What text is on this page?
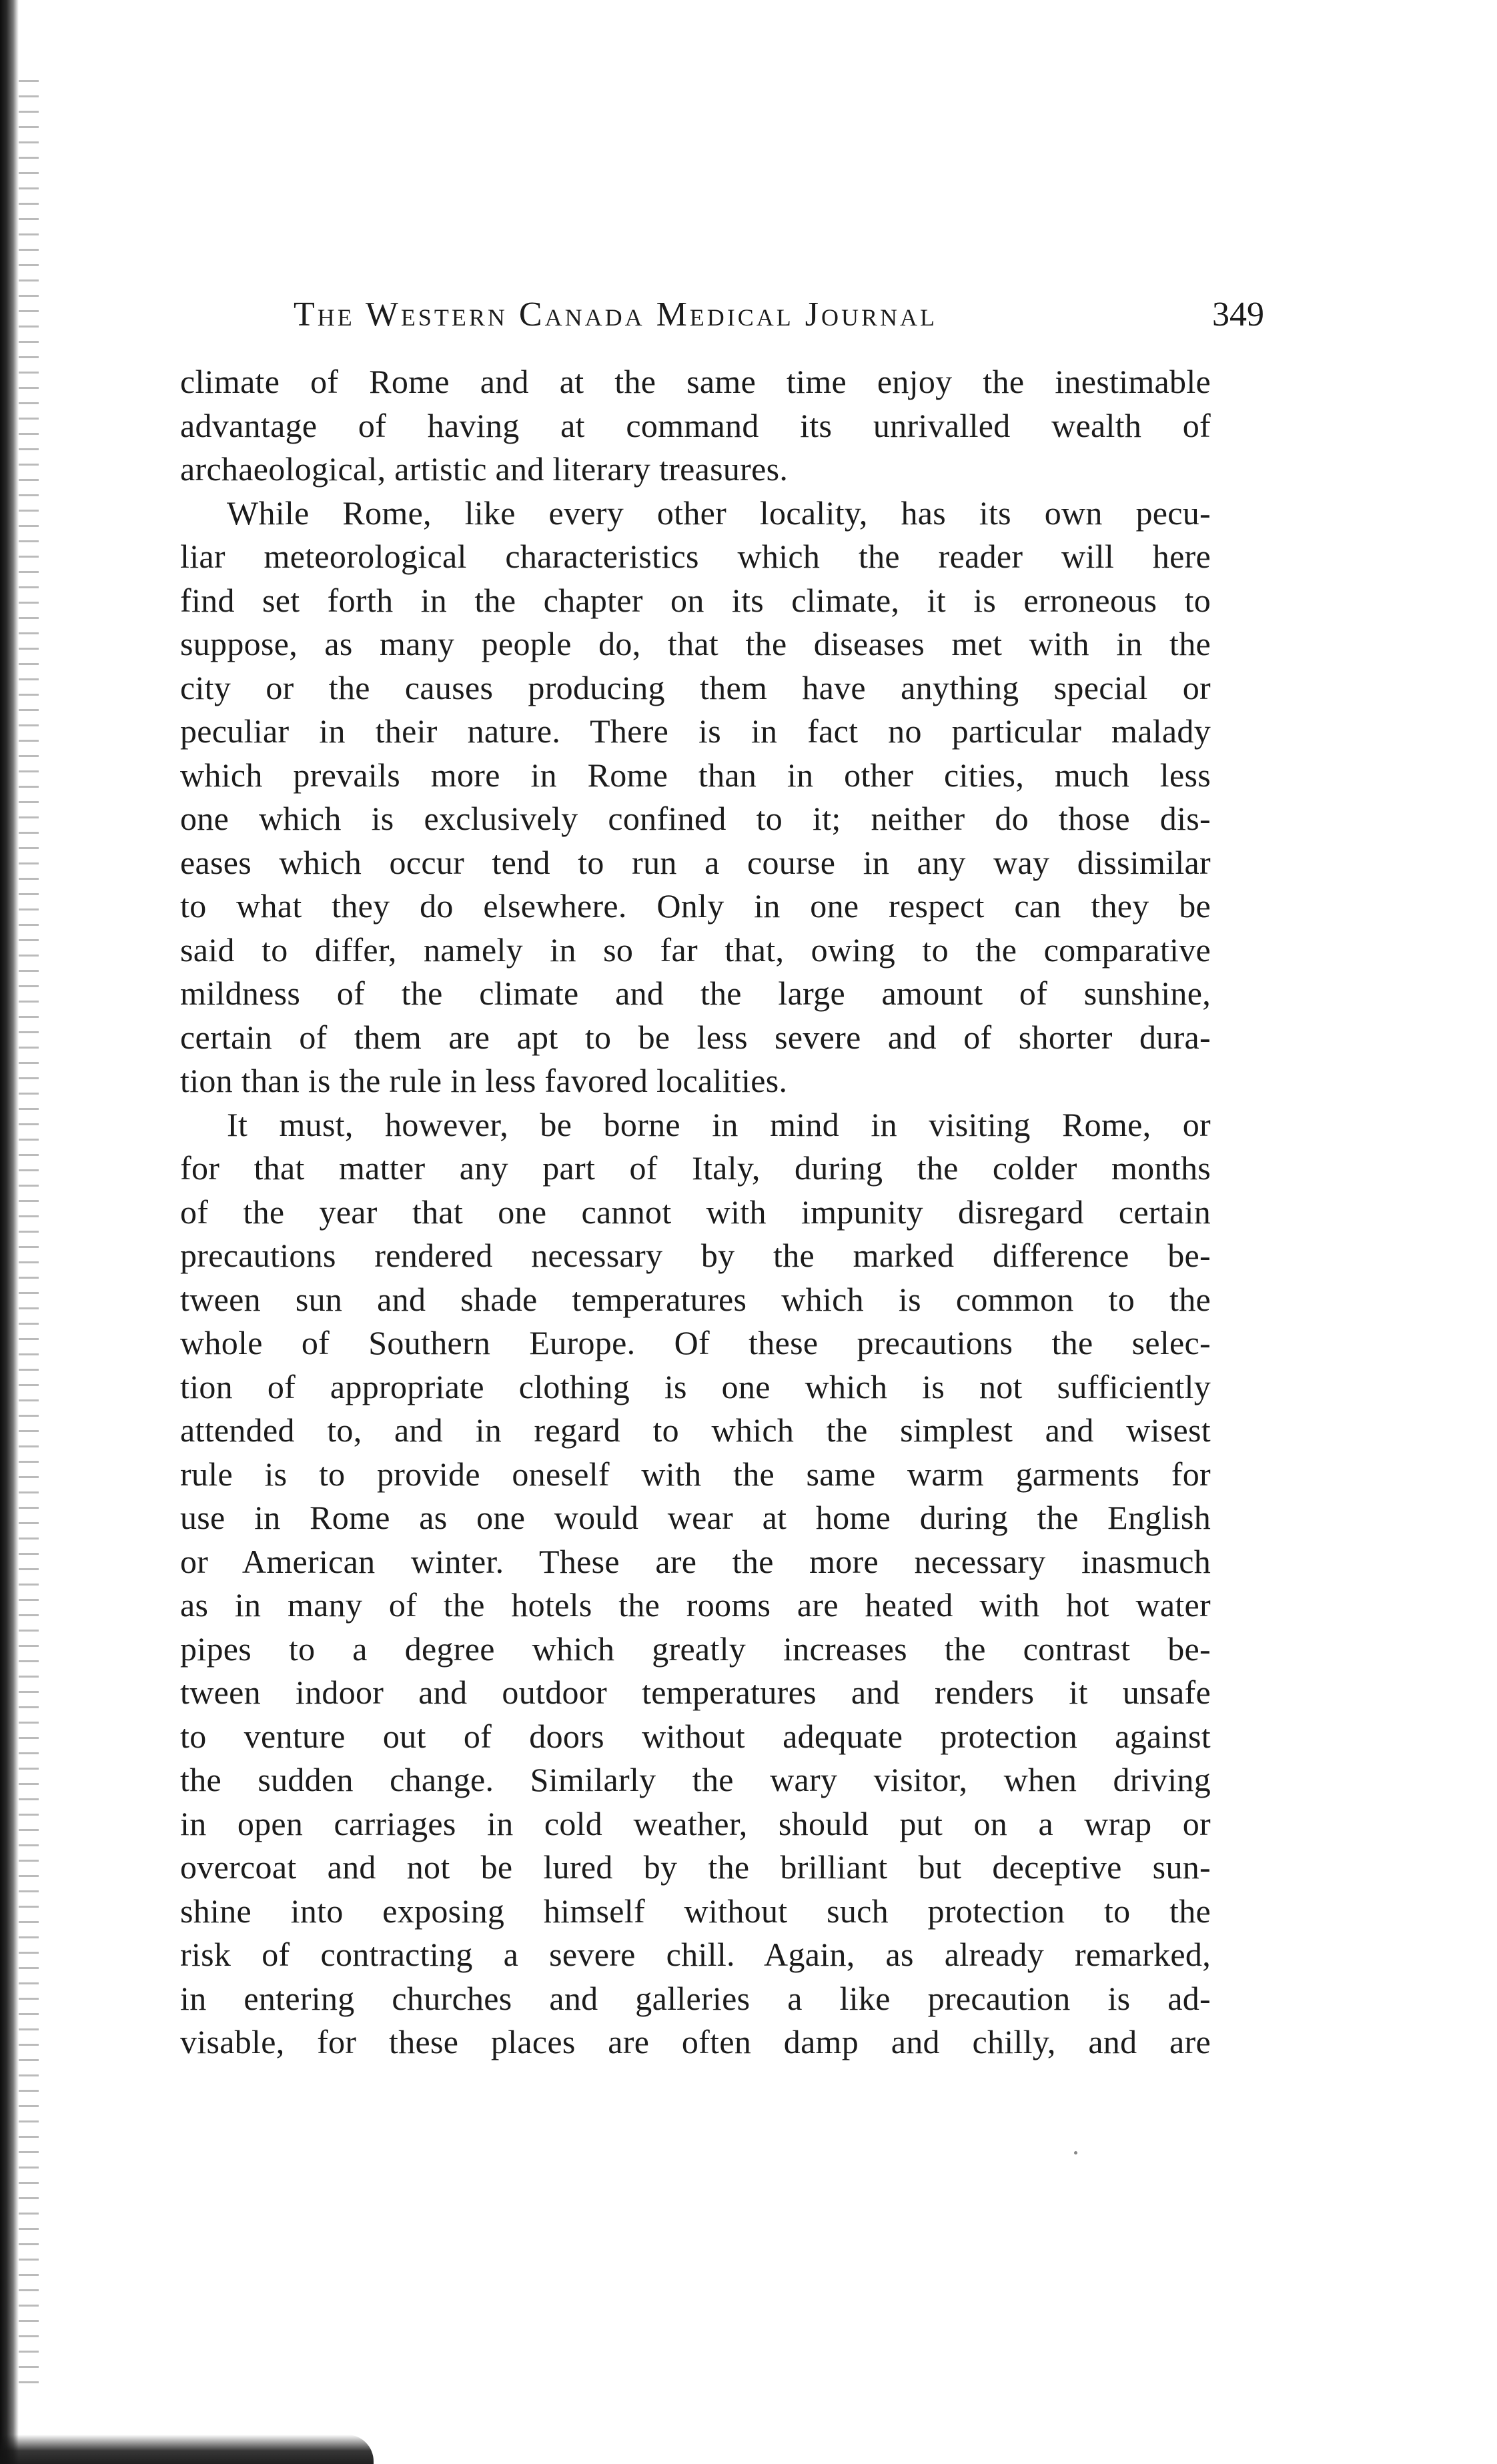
The Western Canada Medical Journal	349
climate of Rome and at the same time enjoy the inestimable
advantage of having at command its unrivalled wealth of
archaeological, artistic and literary treasures.
While Rome, like every other locality, has its own pecu-
liar meteorological characteristics which the reader will here
find set forth in the chapter on its climate, it is erroneous to
suppose, as many people do, that the diseases met with in the
city or the causes producing them have anything special or
peculiar in their nature. There is in fact no particular malady
which prevails more in Rome than in other cities, much less
one which is exclusively confined to it; neither do those dis-
eases which occur tend to run a course in any way dissimilar
to what they do elsewhere. Only in one respect can they be
said to differ, namely in so far that, owing to the comparative
mildness of the climate and the large amount of sunshine,
certain of them are apt to be less severe and of shorter dura-
tion than is the rule in less favored localities.
It must, however, be borne in mind in visiting Rome, or
for that matter any part of Italy, during the colder months
of the year that one cannot with impunity disregard certain
precautions rendered necessary by the marked difference be-
tween sun and shade temperatures which is common to the
whole of Southern Europe. Of these precautions the selec-
tion of appropriate clothing is one which is not sufficiently
attended to, and in regard to which the simplest and wisest
rule is to provide oneself with the same warm garments for
use in Rome as one would wear at home during the English
or American winter. These are the more necessary inasmuch
as in many of the hotels the rooms are heated with hot water
pipes to a degree which greatly increases the contrast be-
tween indoor and outdoor temperatures and renders it unsafe
to venture out of doors without adequate protection against
the sudden change. Similarly the wary visitor, when driving
in open carriages in cold weather, should put on a wrap or
overcoat and not be lured by the brilliant but deceptive sun-
shine into exposing himself without such protection to the
risk of contracting a severe chill. Again, as already remarked,
in entering churches and galleries a like precaution is ad-
visable, for these places are often damp and chilly, and are
